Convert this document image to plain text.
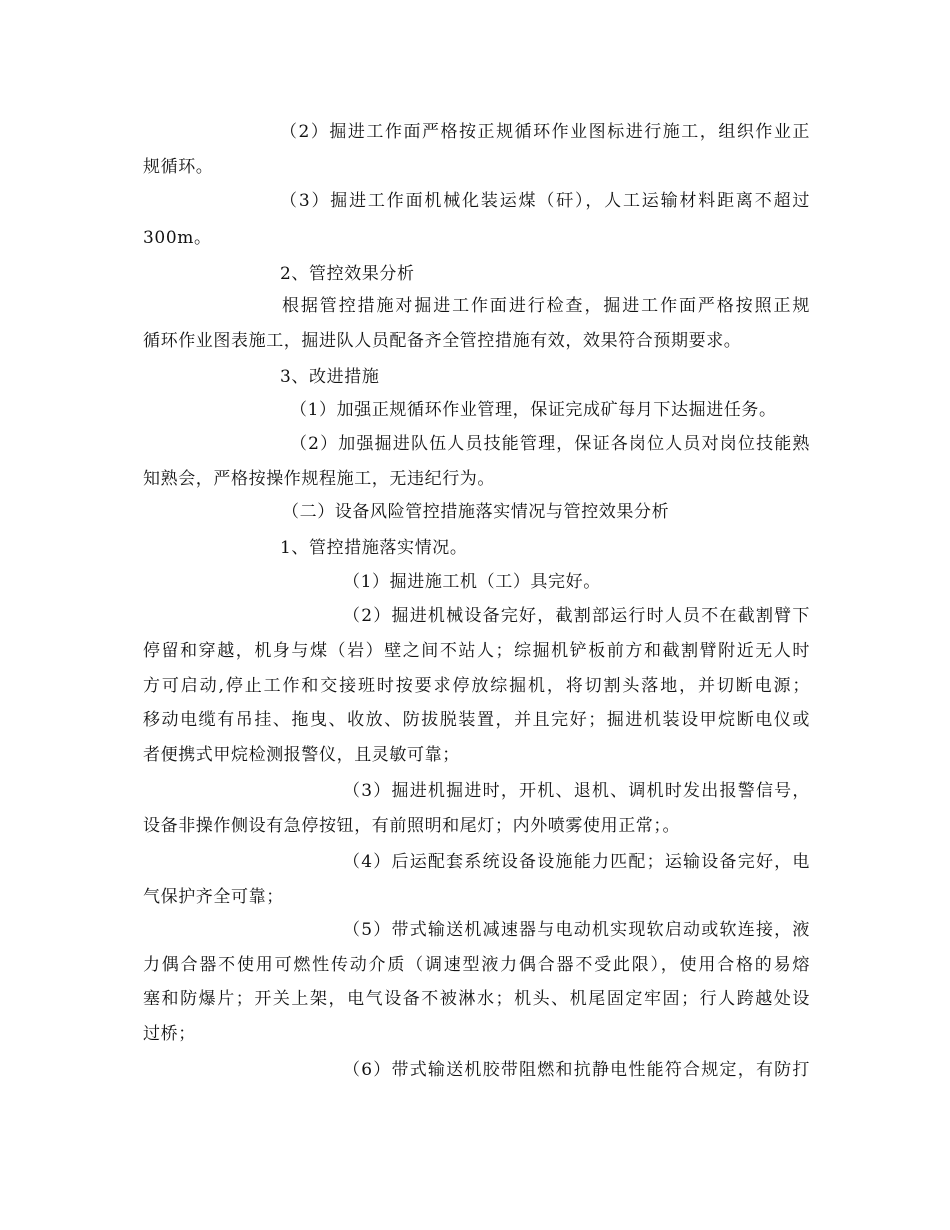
（2）掘进工作面严格按正规循环作业图标进行施工，组织作业正

规循环。

（3）掘进工作面机械化装运煤（矸），人工运输材料距离不超过

300m。

2、管控效果分析

根据管控措施对掘进工作面进行检查，掘进工作面严格按照正规

循环作业图表施工，掘进队人员配备齐全管控措施有效，效果符合预期要求。

3、改进措施

（1）加强正规循环作业管理，保证完成矿每月下达掘进任务。

（2）加强掘进队伍人员技能管理，保证各岗位人员对岗位技能熟

知熟会，严格按操作规程施工，无违纪行为。

（二）设备风险管控措施落实情况与管控效果分析

1、管控措施落实情况。

（1）掘进施工机（工）具完好。

（2）掘进机械设备完好，截割部运行时人员不在截割臂下

停留和穿越，机身与煤（岩）壁之间不站人；综掘机铲板前方和截割臂附近无人时

方可启动,停止工作和交接班时按要求停放综掘机，将切割头落地，并切断电源；

移动电缆有吊挂、拖曳、收放、防拔脱装置，并且完好；掘进机装设甲烷断电仪或

者便携式甲烷检测报警仪，且灵敏可靠；

（3）掘进机掘进时，开机、退机、调机时发出报警信号，

设备非操作侧设有急停按钮，有前照明和尾灯；内外喷雾使用正常；。

（4）后运配套系统设备设施能力匹配；运输设备完好，电

气保护齐全可靠；

（5）带式输送机减速器与电动机实现软启动或软连接，液

力偶合器不使用可燃性传动介质（调速型液力偶合器不受此限），使用合格的易熔

塞和防爆片；开关上架，电气设备不被淋水；机头、机尾固定牢固；行人跨越处设

过桥；

（6）带式输送机胶带阻燃和抗静电性能符合规定，有防打
